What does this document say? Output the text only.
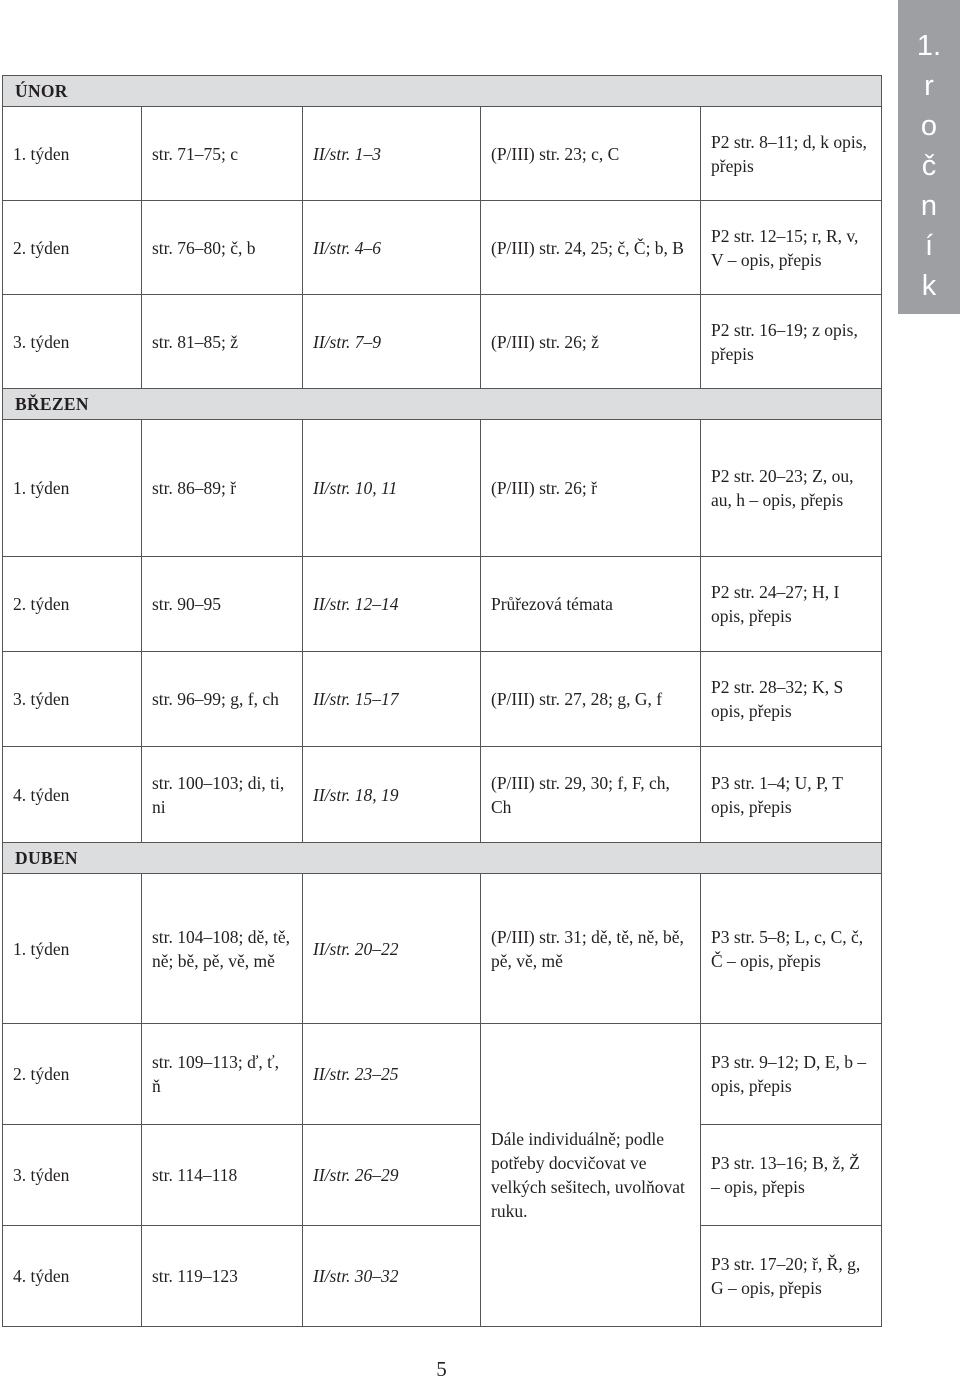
1.
r
o
č
n
í
k
ÚNOR				
1. týden	str. 71–75; c	II/str. 1–3	(P/III) str. 23; c, C	P2 str. 8–11; d, k opis, přepis
2. týden	str. 76–80; č, b	II/str. 4–6	(P/III) str. 24, 25; č, Č; b, B	P2 str. 12–15; r, R, v, V – opis, přepis
3. týden	str. 81–85; ž	II/str. 7–9	(P/III) str. 26; ž	P2 str. 16–19; z opis, přepis
BŘEZEN				
1. týden	str. 86–89; ř	II/str. 10, 11	(P/III) str. 26; ř	P2 str. 20–23; Z, ou, au, h – opis, přepis
2. týden	str. 90–95	II/str. 12–14	Průřezová témata	P2 str. 24–27; H, I opis, přepis
3. týden	str. 96–99; g, f, ch	II/str. 15–17	(P/III) str. 27, 28; g, G, f	P2 str. 28–32; K, S opis, přepis
4. týden	str. 100–103; di, ti, ni	II/str. 18, 19	(P/III) str. 29, 30; f, F, ch, Ch	P3 str. 1–4; U, P, T opis, přepis
DUBEN				
1. týden	str. 104–108; dě, tě, ně; bě, pě, vě, mě	II/str. 20–22	(P/III) str. 31; dě, tě, ně, bě, pě, vě, mě	P3 str. 5–8; L, c, C, č, Č – opis, přepis
2. týden	str. 109–113; ď, ť, ň	II/str. 23–25	Dále individuálně; podle potřeby docvičovat ve velkých sešitech, uvolňovat ruku.	P3 str. 9–12; D, E, b – opis, přepis
3. týden	str. 114–118	II/str. 26–29		P3 str. 13–16; B, ž, Ž – opis, přepis
4. týden	str. 119–123	II/str. 30–32		P3 str. 17–20; ř, Ř, g, G – opis, přepis
5
